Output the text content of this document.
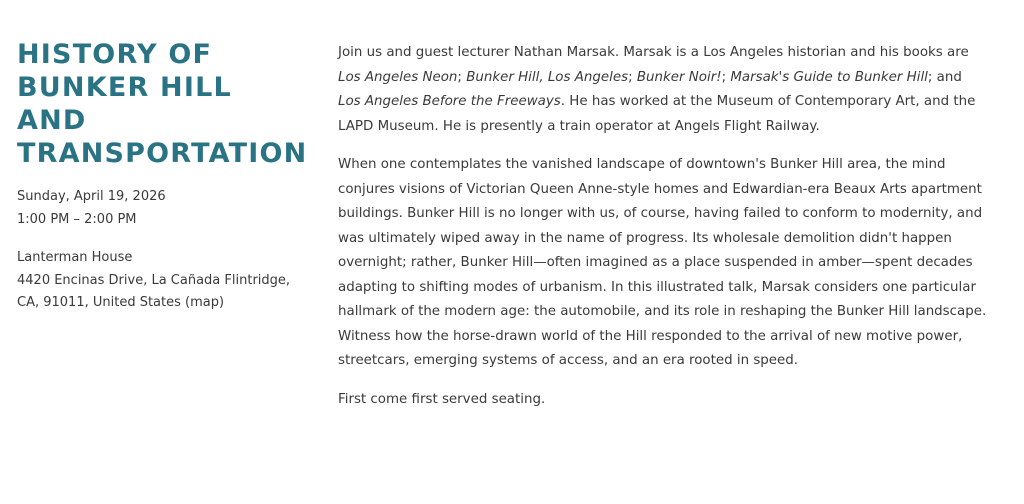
HISTORY OF
BUNKER HILL
AND
TRANSPORTATION
Sunday, April 19, 2026
1:00 PM – 2:00 PM
Lanterman House
4420 Encinas Drive, La Cañada Flintridge,
CA, 91011, United States (map)

Join us and guest lecturer Nathan Marsak. Marsak is a Los Angeles historian and his books are Los Angeles Neon; Bunker Hill, Los Angeles; Bunker Noir!; Marsak's Guide to Bunker Hill; and Los Angeles Before the Freeways. He has worked at the Museum of Contemporary Art, and the LAPD Museum. He is presently a train operator at Angels Flight Railway.

When one contemplates the vanished landscape of downtown's Bunker Hill area, the mind conjures visions of Victorian Queen Anne-style homes and Edwardian-era Beaux Arts apartment buildings. Bunker Hill is no longer with us, of course, having failed to conform to modernity, and was ultimately wiped away in the name of progress. Its wholesale demolition didn't happen overnight; rather, Bunker Hill—often imagined as a place suspended in amber—spent decades adapting to shifting modes of urbanism. In this illustrated talk, Marsak considers one particular hallmark of the modern age: the automobile, and its role in reshaping the Bunker Hill landscape. Witness how the horse-drawn world of the Hill responded to the arrival of new motive power, streetcars, emerging systems of access, and an era rooted in speed.

First come first served seating.
